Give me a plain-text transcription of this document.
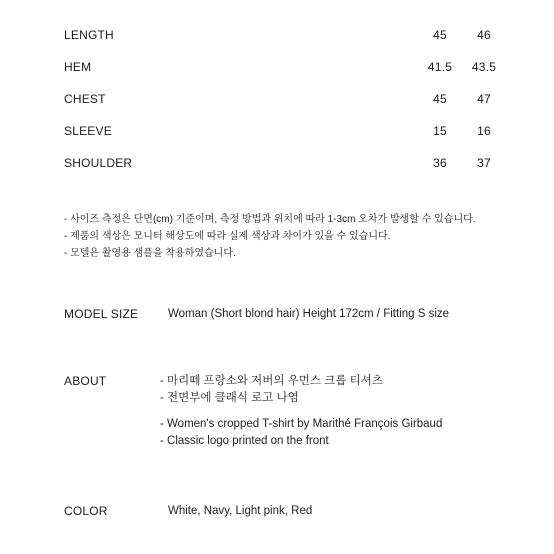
LENGTH	45	46
HEM	41.5	43.5
CHEST	45	47
SLEEVE	15	16
SHOULDER	36	37
- 사이즈 측정은 단면(cm) 기준이며, 측정 방법과 위치에 따라 1-3cm 오차가 발생할 수 있습니다.
- 제품의 색상은 모니터 해상도에 따라 실제 색상과 차이가 있을 수 있습니다.
- 모델은 촬영용 샘플을 착용하였습니다.
MODEL SIZE	Woman (Short blond hair) Height 172cm / Fitting S size
ABOUT	- 마리떼 프랑소와 저버의 우먼스 크롭 티셔츠
- 전면부에 클래식 로고 나염
- Women's cropped T-shirt by Marithé François Girbaud
- Classic logo printed on the front
COLOR	White, Navy, Light pink, Red
